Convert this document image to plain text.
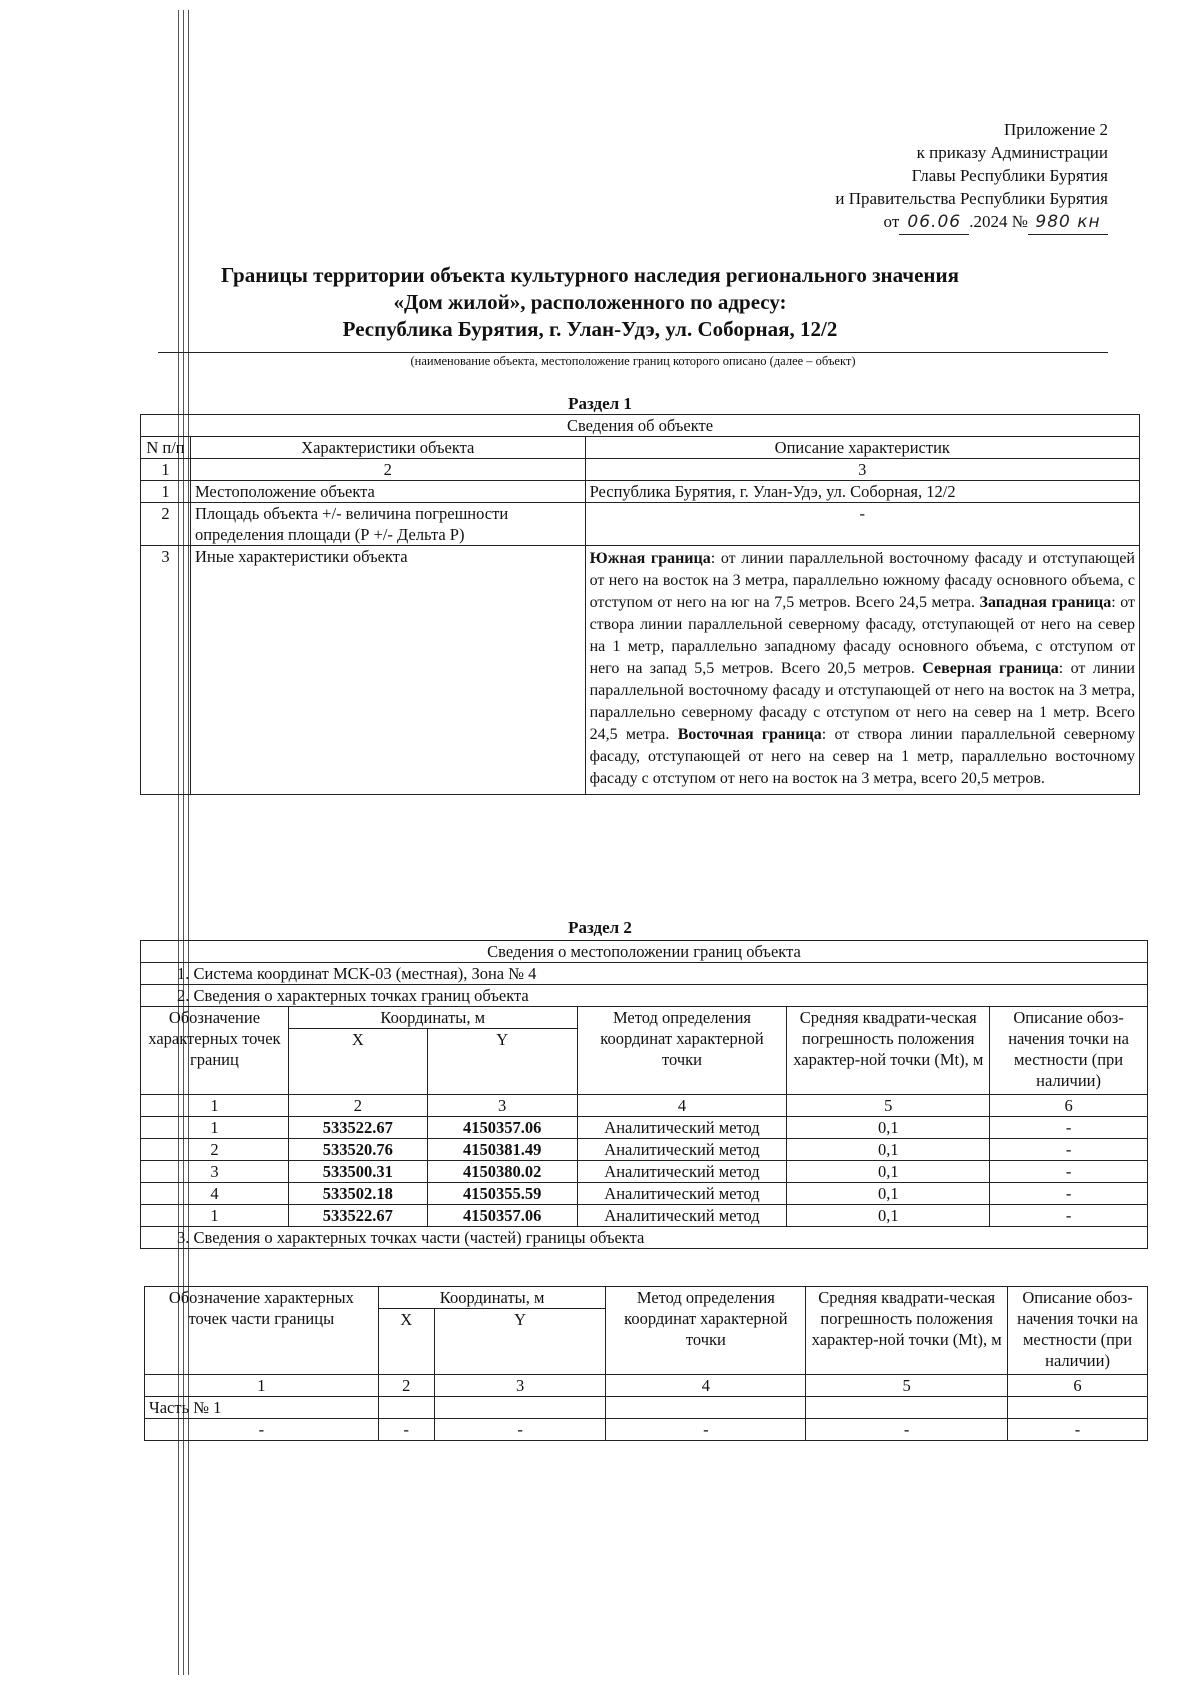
Приложение 2
к приказу Администрации
Главы Республики Бурятия
и Правительства Республики Бурятия
от 06.06 .2024 № 980 кн
Границы территории объекта культурного наследия регионального значения
«Дом жилой», расположенного по адресу:
Республика Бурятия, г. Улан-Удэ, ул. Соборная, 12/2
(наименование объекта, местоположение границ которого описано (далее – объект)
Раздел 1
Сведения об объекте		
N п/п	Характеристики объекта	Описание характеристик
1	2	3
1	Местоположение объекта	Республика Бурятия, г. Улан-Удэ, ул. Соборная, 12/2
2	Площадь объекта +/- величина погрешности определения площади (Р +/- Дельта Р)	-
3	Иные характеристики объекта	Южная граница: от линии параллельной восточному фасаду и отступающей от него на восток на 3 метра, параллельно южному фасаду основного объема, с отступом от него на юг на 7,5 метров. Всего 24,5 метра. Западная граница: от створа линии параллельной северному фасаду, отступающей от него на север на 1 метр, параллельно западному фасаду основного объема, с отступом от него на запад 5,5 метров. Всего 20,5 метров. Северная граница: от линии параллельной восточному фасаду и отступающей от него на восток на 3 метра, параллельно северному фасаду с отступом от него на север на 1 метр. Всего 24,5 метра. Восточная граница: от створа линии параллельной северному фасаду, отступающей от него на север на 1 метр, параллельно восточному фасаду с отступом от него на восток на 3 метра, всего 20,5 метров.
Раздел 2
Сведения о местоположении границ объекта					
1. Система координат МСК-03 (местная), Зона № 4					
2. Сведения о характерных точках границ объекта					
Обозначение характерных точек границ	Координаты, м		Метод определения координат характерной точки	Средняя квадрати-ческая погрешность положения характер-ной точки (Mt), м	Описание обоз-начения точки на местности (при наличии)
	X	Y			
1	2	3	4	5	6
1	533522.67	4150357.06	Аналитический метод	0,1	-
2	533520.76	4150381.49	Аналитический метод	0,1	-
3	533500.31	4150380.02	Аналитический метод	0,1	-
4	533502.18	4150355.59	Аналитический метод	0,1	-
1	533522.67	4150357.06	Аналитический метод	0,1	-
3. Сведения о характерных точках части (частей) границы объекта					
Обозначение характерных точек части границы	Координаты, м		Метод определения координат характерной точки	Средняя квадрати-ческая погрешность положения характер-ной точки (Mt), м	Описание обоз-начения точки на местности (при наличии)
	X	Y			
1	2	3	4	5	6
Часть № 1					
-	-	-	-	-	-
